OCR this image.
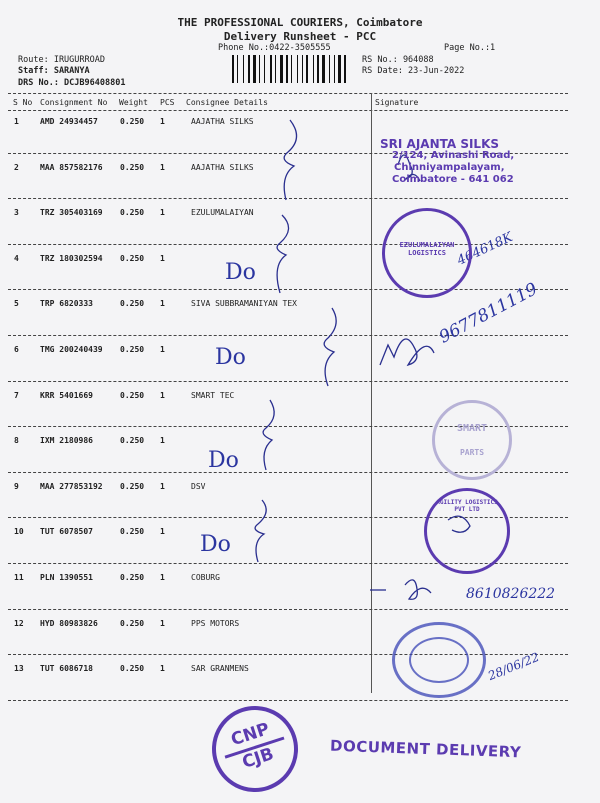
THE PROFESSIONAL COURIERS, Coimbatore
Delivery Runsheet - PCC
Phone No.:0422-3505555	Page No.:1
Route: IRUGURROAD
Staff: SARANYA
DRS No.: DCJB96408801
RS No.: 964088
RS Date: 23-Jun-2022
S No Consignment No Weight PCS Consignee Details	Signature
1	AMD 24934457	0.250 1	AAJATHA SILKS
2	MAA 857582176 0.250 1	AAJATHA SILKS
3	TRZ 305403169 0.250 1	EZULUMALAIYAN
4	TRZ 180302594 0.250 1
5	TRP 6820333	0.250 1	SIVA SUBBRAMANIYAN TEX
6	TMG 200240439 0.250 1
7	KRR 5401669	0.250 1	SMART TEC
8	IXM 2180986	0.250 1
9	MAA 277853192 0.250 1	DSV
10 TUT 6078507	0.250 1
11 PLN 1390551	0.250 1	COBURG
12 HYD 80983826	0.250 1	PPS MOTORS
13 TUT 6086718	0.250 1	SAR GRANMENS
Do
Do
Do
Do
9677811119
8610826222
28/06/22
464618K
SRI AJANTA SILKS
2/124, Avinashi Road,
Chinniyampalayam,
Coimbatore - 641 062
EZULUMALAIYAN
LOGISTICS
SMART
PARTS
AGILITY LOGISTICS PVT LTD
CNP
CJB	DOCUMENT DELIVERY
